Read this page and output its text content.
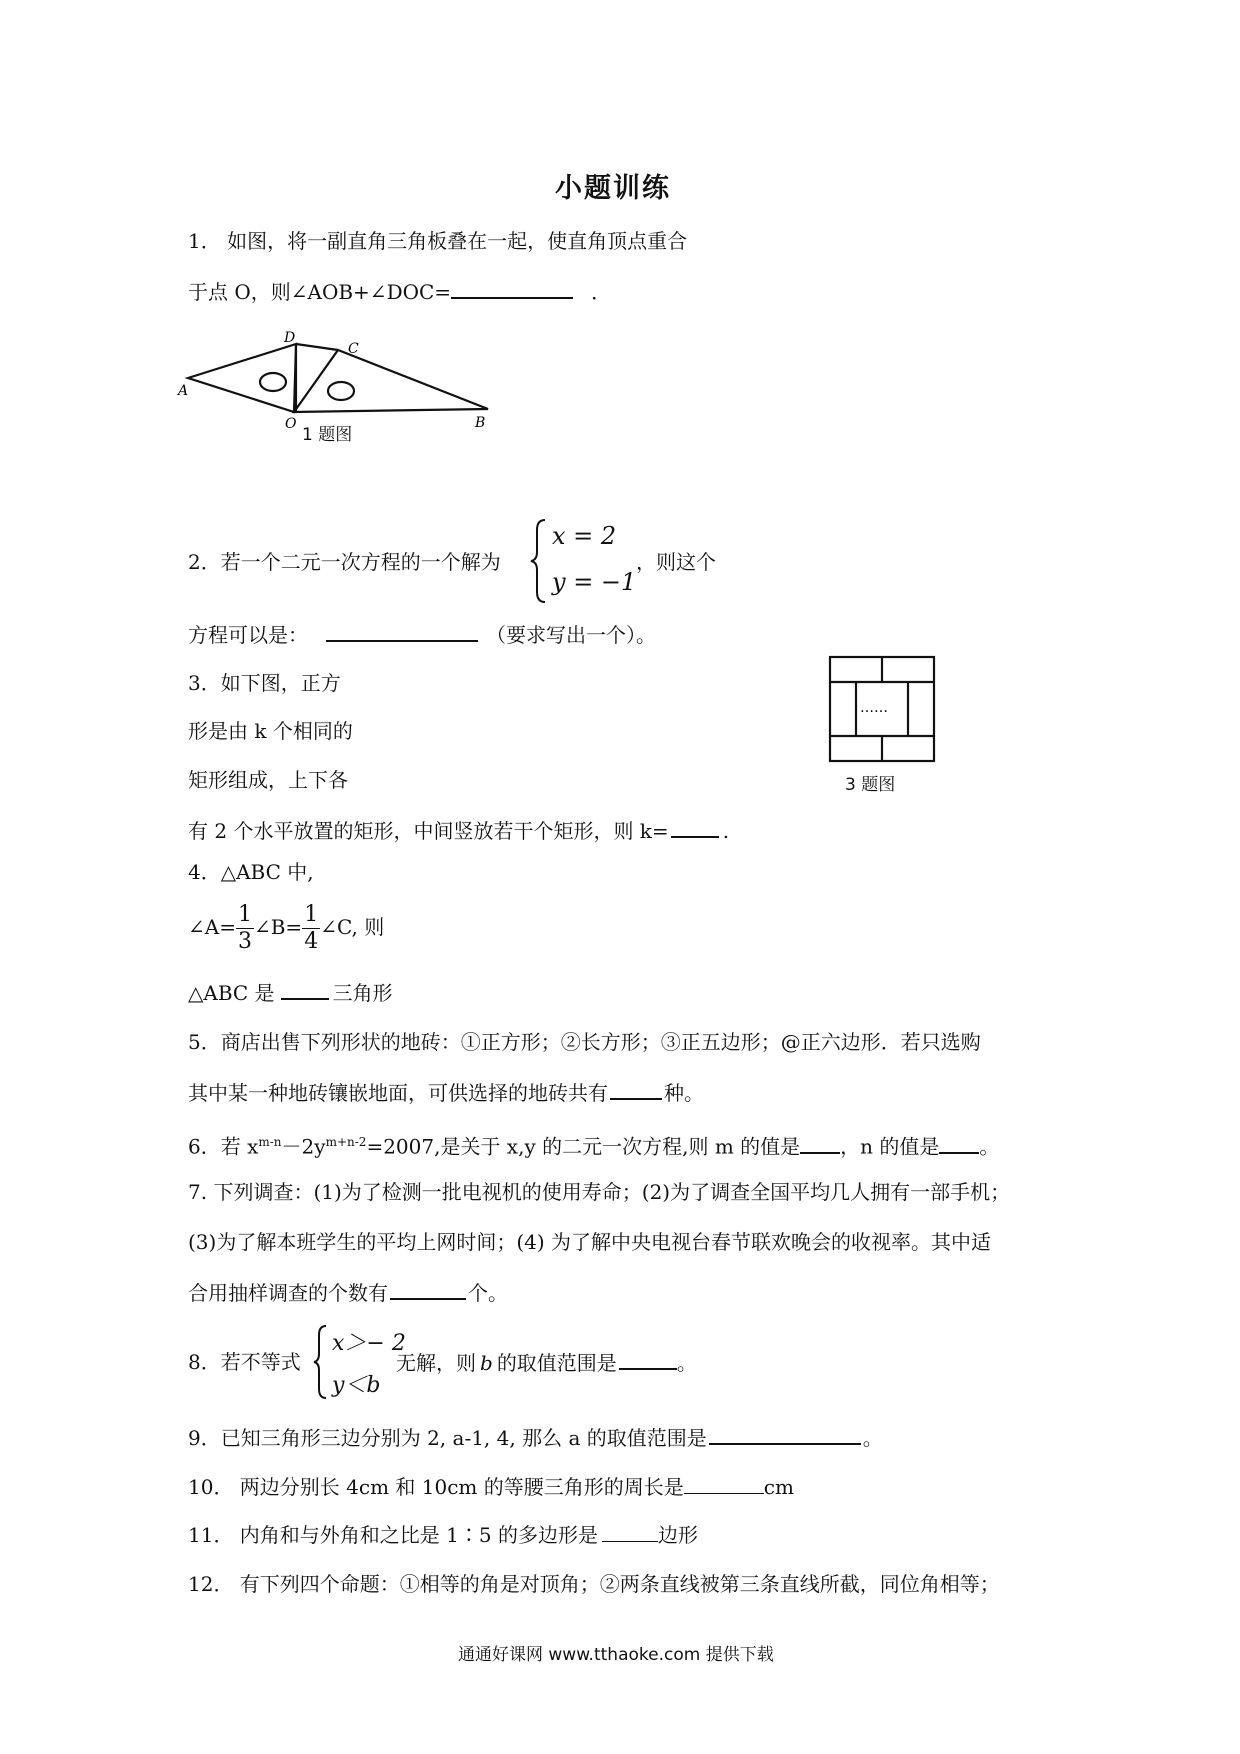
小题训练
1． 如图，将一副直角三角板叠在一起，使直角顶点重合
于点 O，则∠AOB+∠DOC=	．
A
D
C
O	B
1 题图
2．若一个二元一次方程的一个解为
x = 2
y = −1
，则这个
方程可以是：	（要求写出一个）。
3．如下图，正方
形是由 k 个相同的
矩形组成，上下各
有 2 个水平放置的矩形，中间竖放若干个矩形，则 k=	.
……
3 题图
4．△ABC 中,
∠A= $\frac{1}{3}$ ∠B= $\frac{1}{4}$ ∠C, 则
△ABC 是	三角形
5．商店出售下列形状的地砖：①正方形；②长方形；③正五边形；@正六边形．若只选购
其中某一种地砖镶嵌地面，可供选择的地砖共有	种。
6．若 $x^{m-n}-2y^{m+n-2}=2007$,是关于 x,y 的二元一次方程,则 m 的值是 ，n 的值是 。
7. 下列调查：(1)为了检测一批电视机的使用寿命；(2)为了调查全国平均几人拥有一部手机；
(3)为了解本班学生的平均上网时间；(4) 为了解中央电视台春节联欢晚会的收视率。其中适
合用抽样调查的个数有	个。
8．若不等式
x＞− 2
y＜b
无解，则 b 的取值范围是	。
9．已知三角形三边分别为 2, a-1, 4, 那么 a 的取值范围是	。
10． 两边分别长 4cm 和 10cm 的等腰三角形的周长是	cm
11． 内角和与外角和之比是 1∶5 的多边形是	边形
12． 有下列四个命题：①相等的角是对顶角；②两条直线被第三条直线所截，同位角相等；
通通好课网 www.tthaoke.com 提供下载
